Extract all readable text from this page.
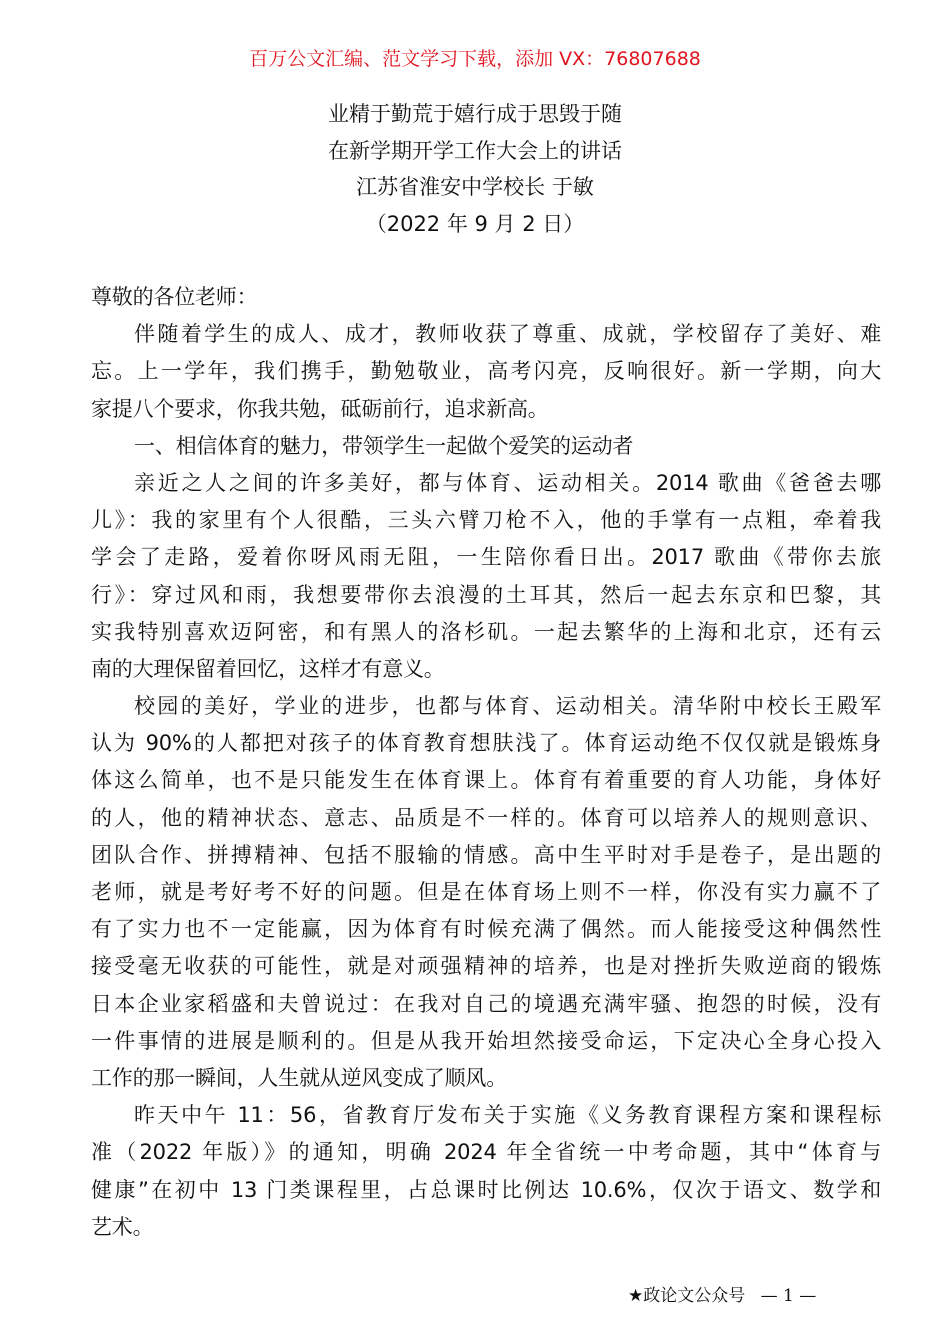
百万公文汇编、范文学习下载，添加 VX：76807688
业精于勤荒于嬉行成于思毁于随
在新学期开学工作大会上的讲话
江苏省淮安中学校长 于敏
（2022 年 9 月 2 日）
尊敬的各位老师：
伴随着学生的成人、成才，教师收获了尊重、成就，学校留存了美好、难
忘。上一学年，我们携手，勤勉敬业，高考闪亮，反响很好。新一学期，向大
家提八个要求，你我共勉，砥砺前行，追求新高。
一、相信体育的魅力，带领学生一起做个爱笑的运动者
亲近之人之间的许多美好，都与体育、运动相关。2014 歌曲《爸爸去哪
儿》：我的家里有个人很酷，三头六臂刀枪不入，他的手掌有一点粗，牵着我
学会了走路，爱着你呀风雨无阻，一生陪你看日出。2017 歌曲《带你去旅
行》：穿过风和雨，我想要带你去浪漫的土耳其，然后一起去东京和巴黎，其
实我特别喜欢迈阿密，和有黑人的洛杉矶。一起去繁华的上海和北京，还有云
南的大理保留着回忆，这样才有意义。
校园的美好，学业的进步，也都与体育、运动相关。清华附中校长王殿军
认为 90%的人都把对孩子的体育教育想肤浅了。体育运动绝不仅仅就是锻炼身
体这么简单，也不是只能发生在体育课上。体育有着重要的育人功能，身体好
的人，他的精神状态、意志、品质是不一样的。体育可以培养人的规则意识、
团队合作、拼搏精神、包括不服输的情感。高中生平时对手是卷子，是出题的
老师，就是考好考不好的问题。但是在体育场上则不一样，你没有实力赢不了
有了实力也不一定能赢，因为体育有时候充满了偶然。而人能接受这种偶然性
接受毫无收获的可能性，就是对顽强精神的培养，也是对挫折失败逆商的锻炼
日本企业家稻盛和夫曾说过：在我对自己的境遇充满牢骚、抱怨的时候，没有
一件事情的进展是顺利的。但是从我开始坦然接受命运，下定决心全身心投入
工作的那一瞬间，人生就从逆风变成了顺风。
昨天中午 11：56，省教育厅发布关于实施《义务教育课程方案和课程标
准（2022 年版）》的通知，明确 2024 年全省统一中考命题，其中“体育与
健康”在初中 13 门类课程里，占总课时比例达 10.6%，仅次于语文、数学和
艺术。
★政论文公众号 — 1 —
